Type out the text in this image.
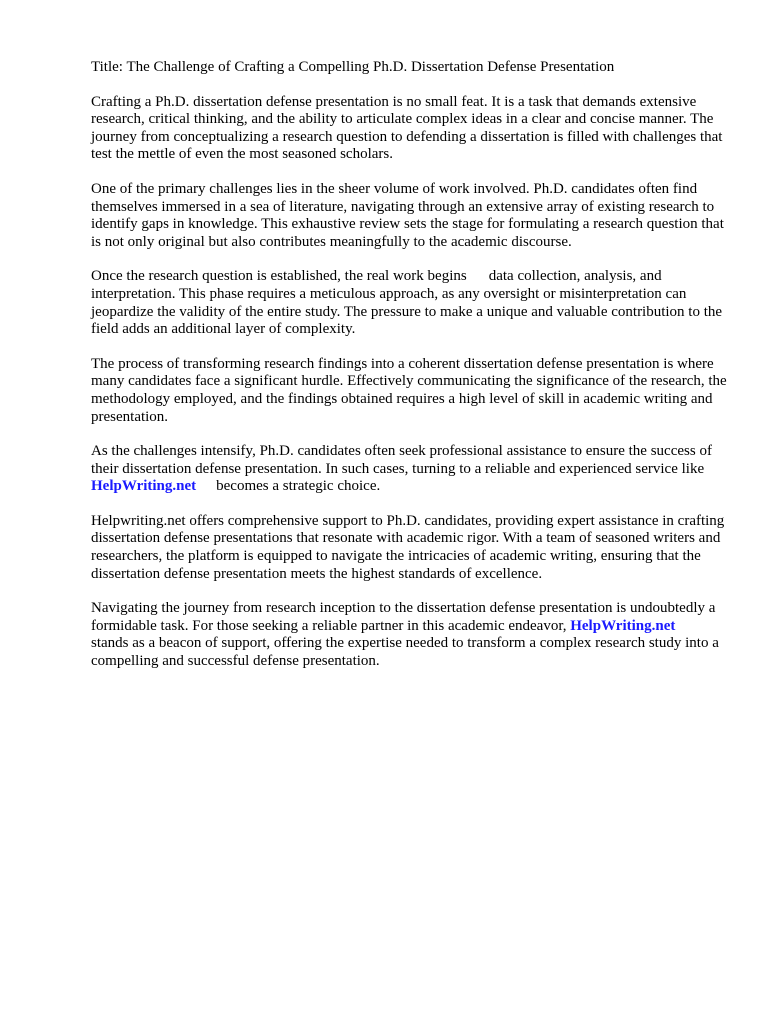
Title: The Challenge of Crafting a Compelling Ph.D. Dissertation Defense Presentation

Crafting a Ph.D. dissertation defense presentation is no small feat. It is a task that demands extensive research, critical thinking, and the ability to articulate complex ideas in a clear and concise manner. The journey from conceptualizing a research question to defending a dissertation is filled with challenges that test the mettle of even the most seasoned scholars.

One of the primary challenges lies in the sheer volume of work involved. Ph.D. candidates often find themselves immersed in a sea of literature, navigating through an extensive array of existing research to identify gaps in knowledge. This exhaustive review sets the stage for formulating a research question that is not only original but also contributes meaningfully to the academic discourse.

Once the research question is established, the real work begins data collection, analysis, and interpretation. This phase requires a meticulous approach, as any oversight or misinterpretation can jeopardize the validity of the entire study. The pressure to make a unique and valuable contribution to the field adds an additional layer of complexity.

The process of transforming research findings into a coherent dissertation defense presentation is where many candidates face a significant hurdle. Effectively communicating the significance of the research, the methodology employed, and the findings obtained requires a high level of skill in academic writing and presentation.

As the challenges intensify, Ph.D. candidates often seek professional assistance to ensure the success of their dissertation defense presentation. In such cases, turning to a reliable and experienced service likeHelpWriting.net becomes a strategic choice.

Helpwriting.net offers comprehensive support to Ph.D. candidates, providing expert assistance in crafting dissertation defense presentations that resonate with academic rigor. With a team of seasoned writers and researchers, the platform is equipped to navigate the intricacies of academic writing, ensuring that the dissertation defense presentation meets the highest standards of excellence.

Navigating the journey from research inception to the dissertation defense presentation is undoubtedly a formidable task. For those seeking a reliable partner in this academic endeavor, HelpWriting.netstands as a beacon of support, offering the expertise needed to transform a complex research study into a compelling and successful defense presentation.
